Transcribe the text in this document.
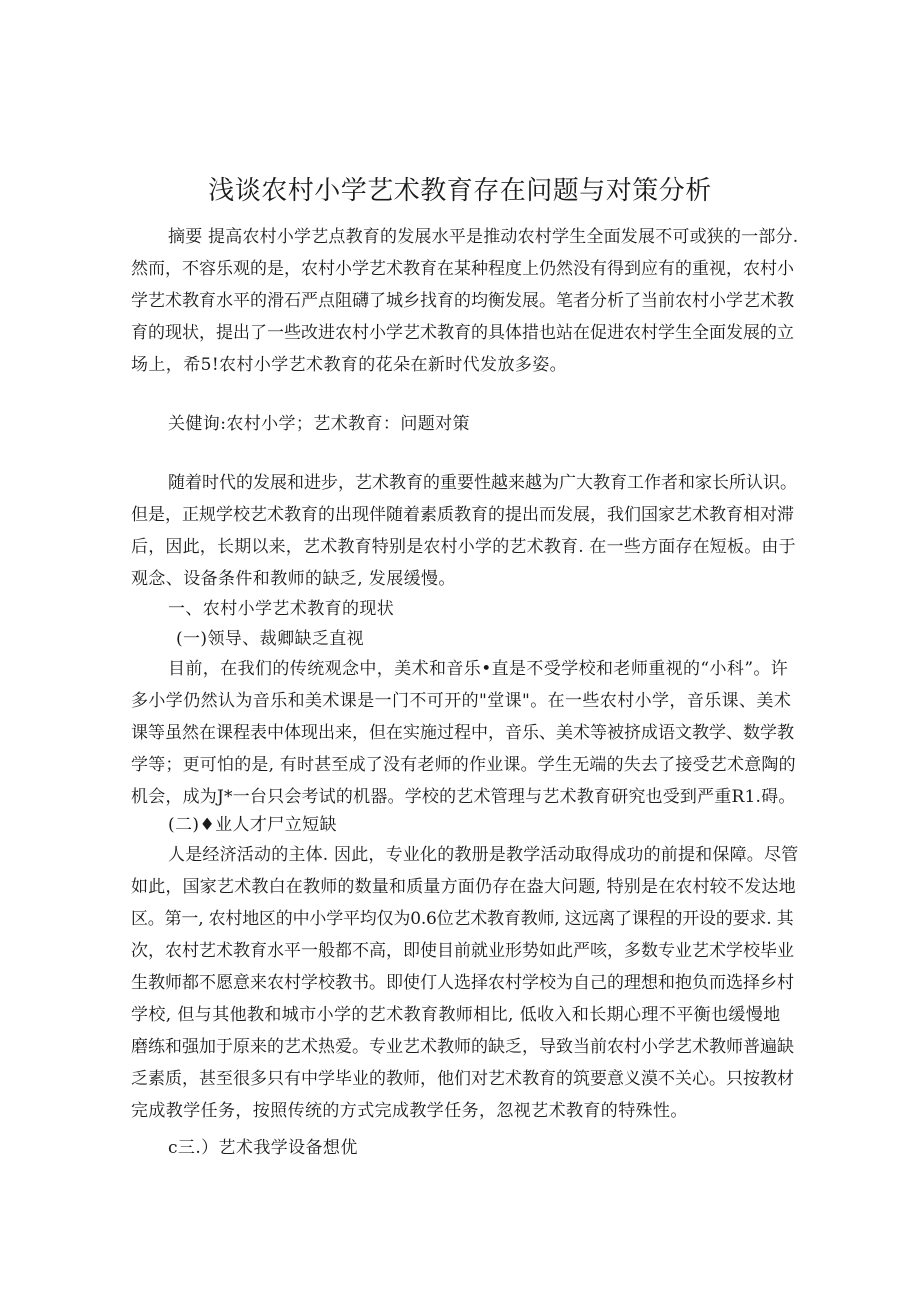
浅谈农村小学艺术教育存在问题与对策分析
摘要 提高农村小学艺点教育的发展水平是推动农村学生全面发展不可或狭的一部分.
然而，不容乐观的是，农村小学艺术教育在某种程度上仍然没有得到应有的重视，农村小
学艺术教育水平的滑石严点阻礴了城乡找育的均衡发展。笔者分析了当前农村小学艺术教
育的现状，提出了一些改进农村小学艺术教育的具体措也站在促进农村学生全面发展的立
场上，希5!农村小学艺术教育的花朵在新时代发放多姿。
关健询:农村小学；艺术教育：问题对策
随着时代的发展和进步，艺术教育的重要性越来越为广大教育工作者和家长所认识。
但是，正规学校艺术教育的出现伴随着素质教育的提出而发展，我们国家艺术教育相对滞
后，因此，长期以来，艺术教育特别是农村小学的艺术教育. 在一些方面存在短板。由于
观念、设备条件和教师的缺乏, 发展缓慢。
一、农村小学艺术教育的现状
(一)领导、裁卿缺乏直视
目前，在我们的传统观念中，美术和音乐•直是不受学校和老师重视的“小科”。许
多小学仍然认为音乐和美术课是一门不可开的"堂课"。在一些农村小学，音乐课、美术
课等虽然在课程表中体现出来，但在实施过程中，音乐、美术等被挤成语文教学、数学教
学等；更可怕的是, 有时甚至成了没有老师的作业课。学生无端的失去了接受艺术意陶的
机会，成为J*一台只会考试的机器。学校的艺术管理与艺术教育研究也受到严重R1.碍。
(二)♦业人才尸立短缺
人是经济活动的主体. 因此，专业化的教册是教学活动取得成功的前提和保障。尽管
如此，国家艺术教白在教师的数量和质量方面仍存在盎大问题, 特别是在农村较不发达地
区。第一, 农村地区的中小学平均仅为0.6位艺术教育教师, 这远离了课程的开设的要求. 其
次，农村艺术教育水平一般都不高，即使目前就业形势如此严咳，多数专业艺术学校毕业
生教师都不愿意来农村学校教书。即使仃人选择农村学校为自己的理想和抱负而选择乡村
学校, 但与其他教和城市小学的艺术教育教师相比, 低收入和长期心理不平衡也缓慢地
磨练和强加于原来的艺术热爱。专业艺术教师的缺乏，导致当前农村小学艺术教师普遍缺
乏素质，甚至很多只有中学毕业的教师，他们对艺术教育的筑要意义漠不关心。只按教材
完成教学任务，按照传统的方式完成教学任务，忽视艺术教育的特殊性。
c三.）艺术我学设备想优
